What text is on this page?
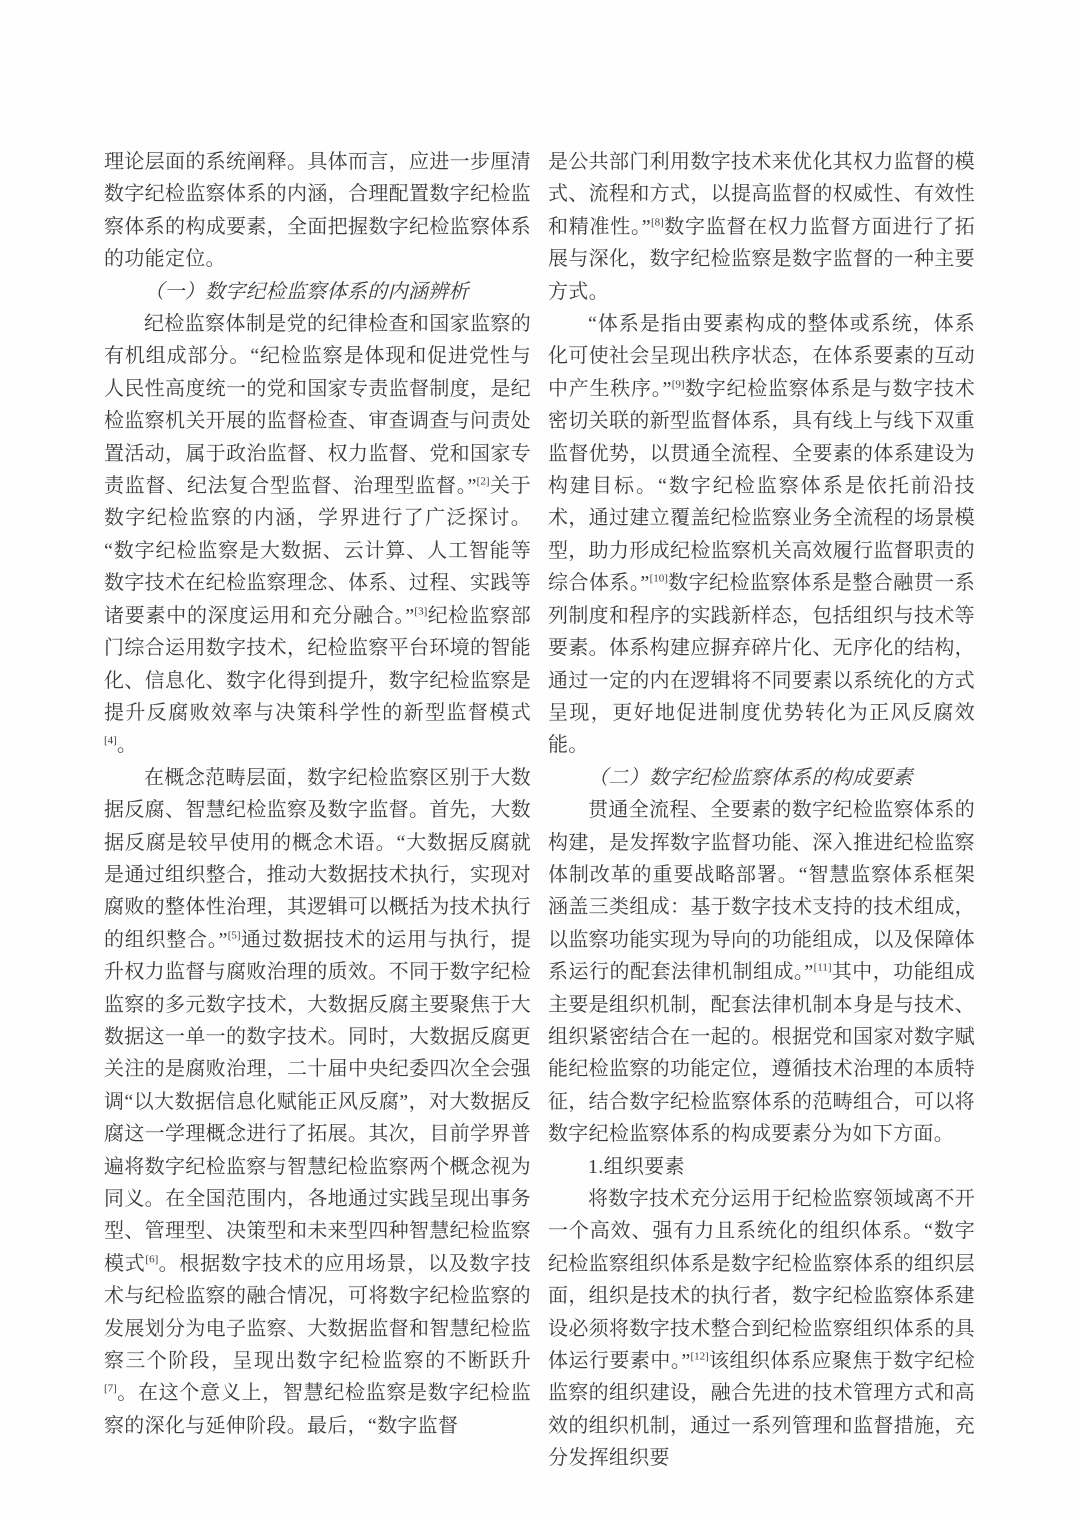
理论层面的系统阐释。具体而言，应进一步厘清数字纪检监察体系的内涵，合理配置数字纪检监察体系的构成要素，全面把握数字纪检监察体系的功能定位。

（一）数字纪检监察体系的内涵辨析

纪检监察体制是党的纪律检查和国家监察的有机组成部分。“纪检监察是体现和促进党性与人民性高度统一的党和国家专责监督制度，是纪检监察机关开展的监督检查、审查调查与问责处置活动，属于政治监督、权力监督、党和国家专责监督、纪法复合型监督、治理型监督。”[2]关于数字纪检监察的内涵，学界进行了广泛探讨。“数字纪检监察是大数据、云计算、人工智能等数字技术在纪检监察理念、体系、过程、实践等诸要素中的深度运用和充分融合。”[3]纪检监察部门综合运用数字技术，纪检监察平台环境的智能化、信息化、数字化得到提升，数字纪检监察是提升反腐败效率与决策科学性的新型监督模式[4]。

在概念范畴层面，数字纪检监察区别于大数据反腐、智慧纪检监察及数字监督。首先，大数据反腐是较早使用的概念术语。“大数据反腐就是通过组织整合，推动大数据技术执行，实现对腐败的整体性治理，其逻辑可以概括为技术执行的组织整合。”[5]通过数据技术的运用与执行，提升权力监督与腐败治理的质效。不同于数字纪检监察的多元数字技术，大数据反腐主要聚焦于大数据这一单一的数字技术。同时，大数据反腐更关注的是腐败治理，二十届中央纪委四次全会强调“以大数据信息化赋能正风反腐”，对大数据反腐这一学理概念进行了拓展。其次，目前学界普遍将数字纪检监察与智慧纪检监察两个概念视为同义。在全国范围内，各地通过实践呈现出事务型、管理型、决策型和未来型四种智慧纪检监察模式[6]。根据数字技术的应用场景，以及数字技术与纪检监察的融合情况，可将数字纪检监察的发展划分为电子监察、大数据监督和智慧纪检监察三个阶段，呈现出数字纪检监察的不断跃升[7]。在这个意义上，智慧纪检监察是数字纪检监察的深化与延伸阶段。最后，“数字监督

是公共部门利用数字技术来优化其权力监督的模式、流程和方式，以提高监督的权威性、有效性和精准性。”[8]数字监督在权力监督方面进行了拓展与深化，数字纪检监察是数字监督的一种主要方式。

“体系是指由要素构成的整体或系统，体系化可使社会呈现出秩序状态，在体系要素的互动中产生秩序。”[9]数字纪检监察体系是与数字技术密切关联的新型监督体系，具有线上与线下双重监督优势，以贯通全流程、全要素的体系建设为构建目标。“数字纪检监察体系是依托前沿技术，通过建立覆盖纪检监察业务全流程的场景模型，助力形成纪检监察机关高效履行监督职责的综合体系。”[10]数字纪检监察体系是整合融贯一系列制度和程序的实践新样态，包括组织与技术等要素。体系构建应摒弃碎片化、无序化的结构，通过一定的内在逻辑将不同要素以系统化的方式呈现，更好地促进制度优势转化为正风反腐效能。

（二）数字纪检监察体系的构成要素

贯通全流程、全要素的数字纪检监察体系的构建，是发挥数字监督功能、深入推进纪检监察体制改革的重要战略部署。“智慧监察体系框架涵盖三类组成：基于数字技术支持的技术组成，以监察功能实现为导向的功能组成，以及保障体系运行的配套法律机制组成。”[11]其中，功能组成主要是组织机制，配套法律机制本身是与技术、组织紧密结合在一起的。根据党和国家对数字赋能纪检监察的功能定位，遵循技术治理的本质特征，结合数字纪检监察体系的范畴组合，可以将数字纪检监察体系的构成要素分为如下方面。

1.组织要素

将数字技术充分运用于纪检监察领域离不开一个高效、强有力且系统化的组织体系。“数字纪检监察组织体系是数字纪检监察体系的组织层面，组织是技术的执行者，数字纪检监察体系建设必须将数字技术整合到纪检监察组织体系的具体运行要素中。”[12]该组织体系应聚焦于数字纪检监察的组织建设，融合先进的技术管理方式和高效的组织机制，通过一系列管理和监督措施，充分发挥组织要
